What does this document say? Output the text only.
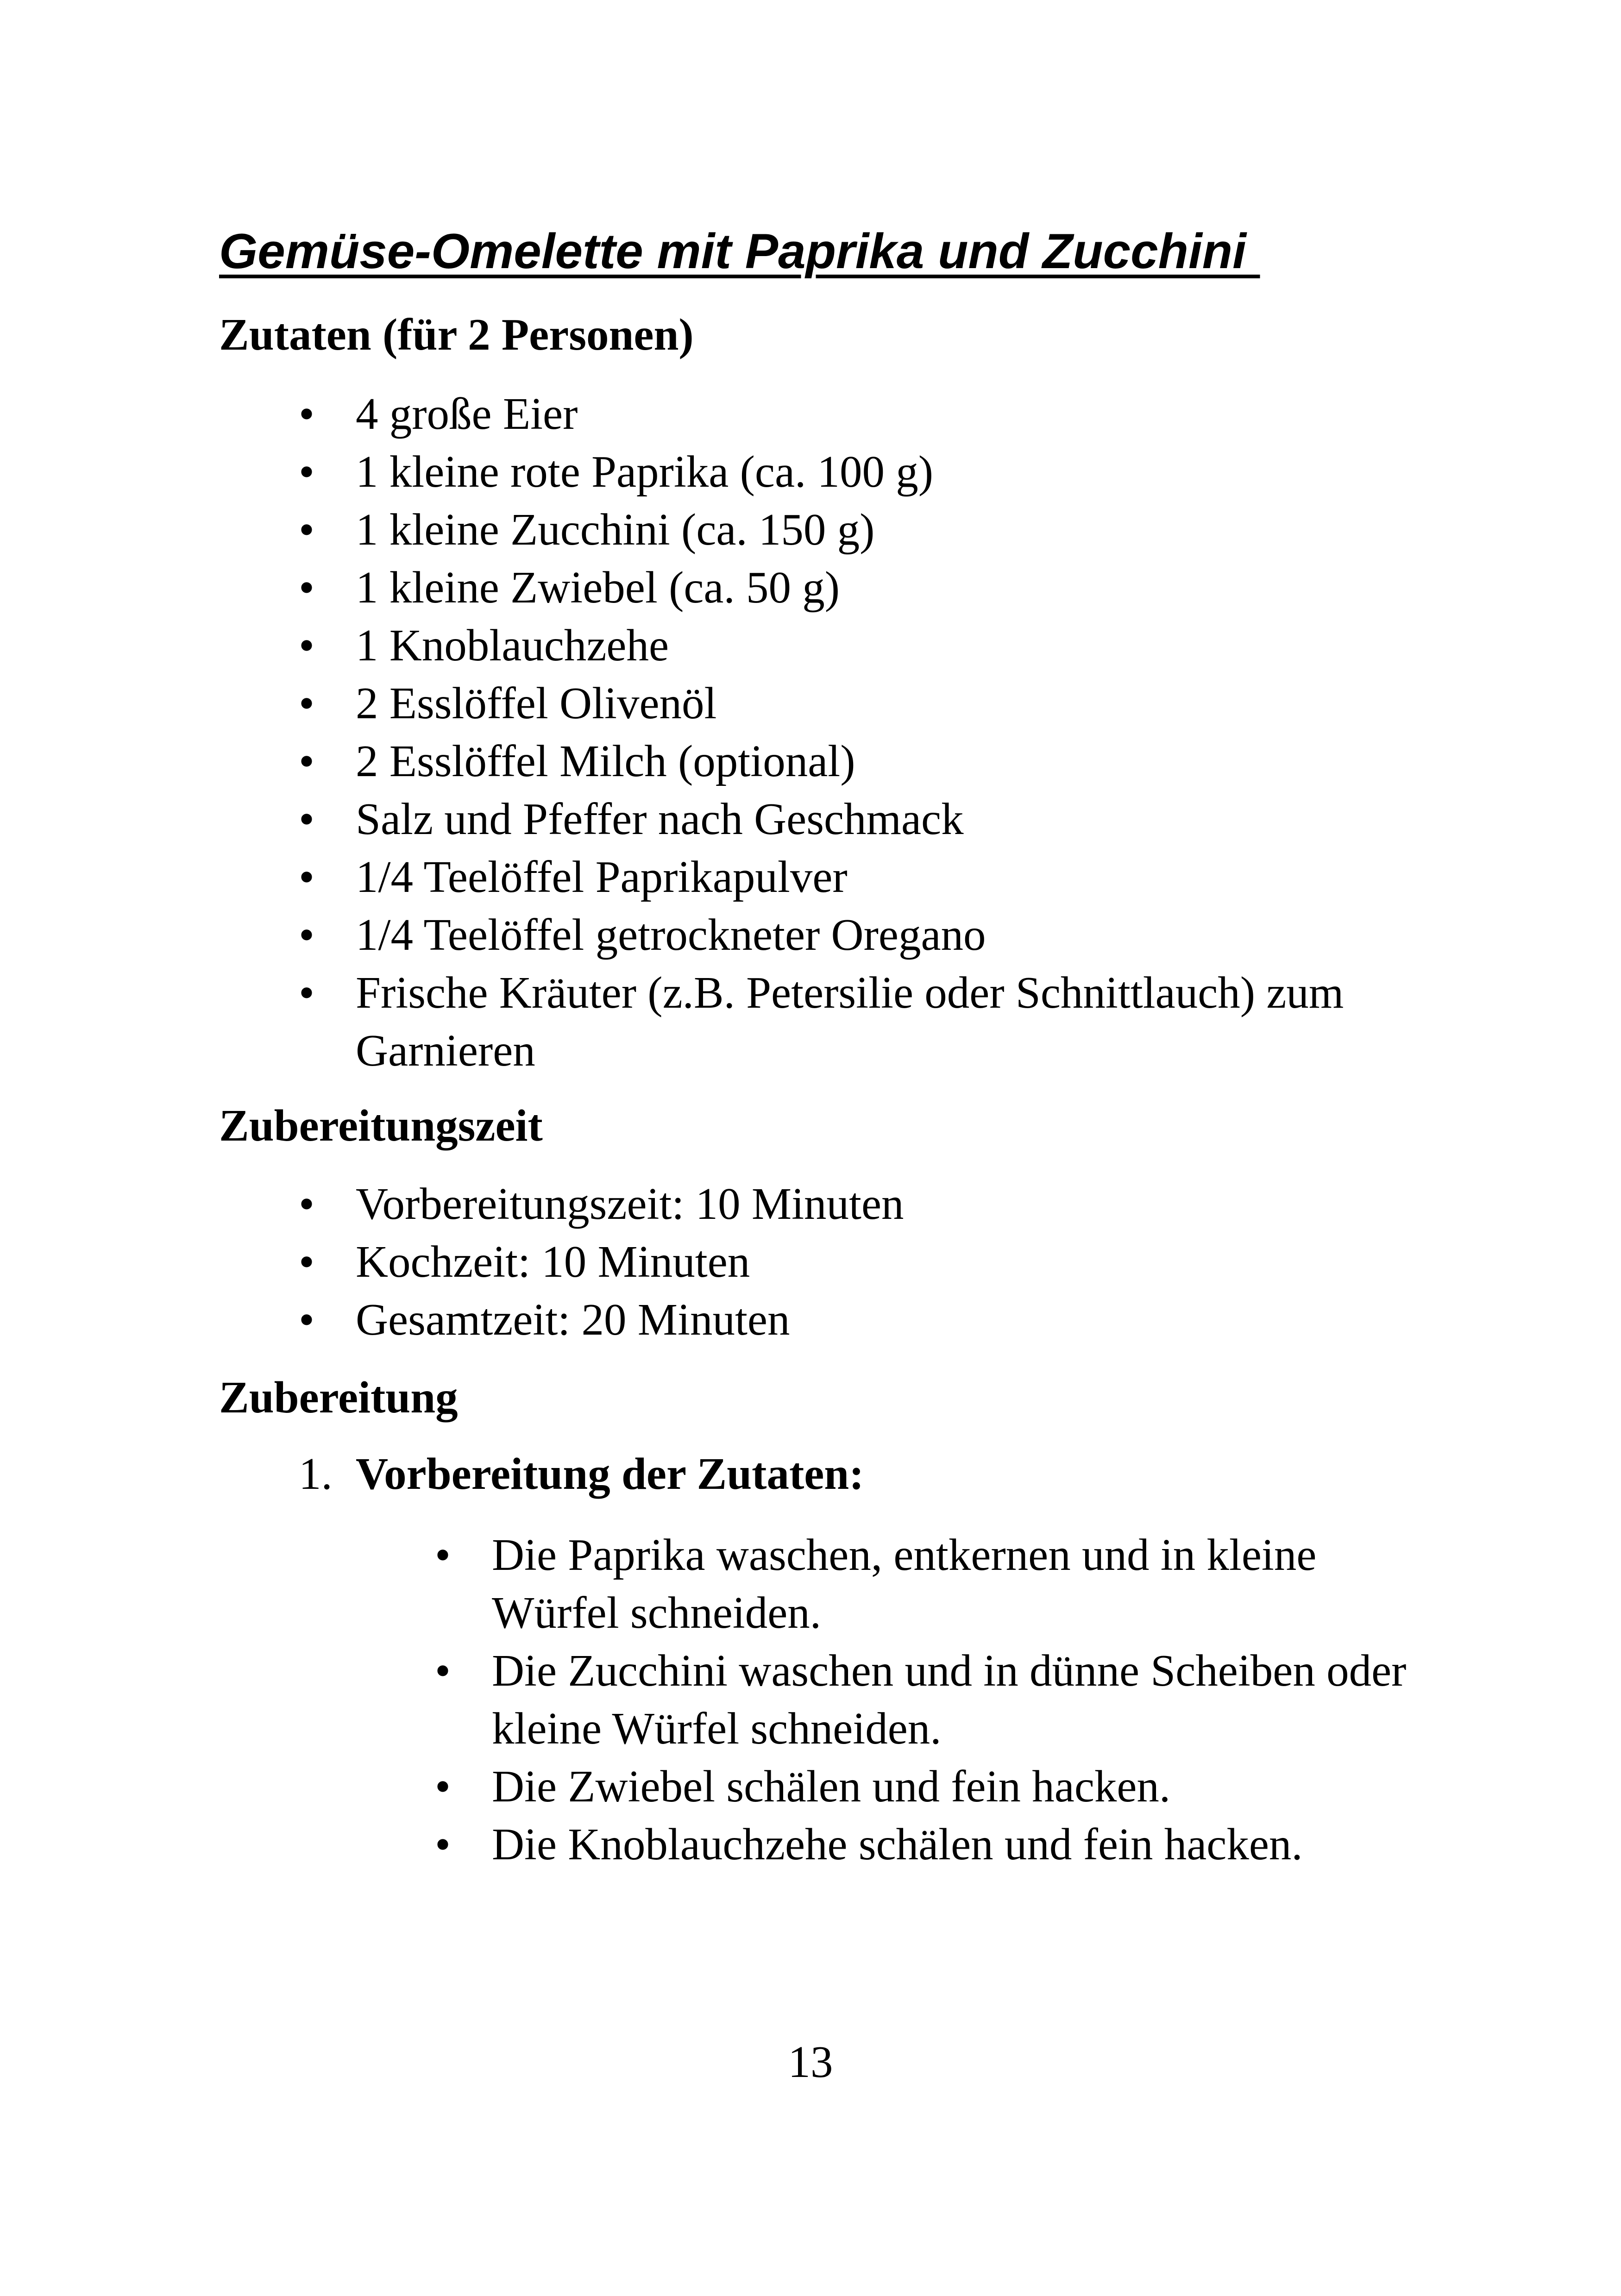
Gemüse-Omelette mit Paprika und Zucchini
Zutaten (für 2 Personen)
• 4 große Eier
• 1 kleine rote Paprika (ca. 100 g)
• 1 kleine Zucchini (ca. 150 g)
• 1 kleine Zwiebel (ca. 50 g)
• 1 Knoblauchzehe
• 2 Esslöffel Olivenöl
• 2 Esslöffel Milch (optional)
• Salz und Pfeffer nach Geschmack
• 1/4 Teelöffel Paprikapulver
• 1/4 Teelöffel getrockneter Oregano
• Frische Kräuter (z.B. Petersilie oder Schnittlauch) zum Garnieren
Zubereitungszeit
• Vorbereitungszeit: 10 Minuten
• Kochzeit: 10 Minuten
• Gesamtzeit: 20 Minuten
Zubereitung
1. Vorbereitung der Zutaten:
• Die Paprika waschen, entkernen und in kleine Würfel schneiden.
• Die Zucchini waschen und in dünne Scheiben oder kleine Würfel schneiden.
• Die Zwiebel schälen und fein hacken.
• Die Knoblauchzehe schälen und fein hacken.
13
